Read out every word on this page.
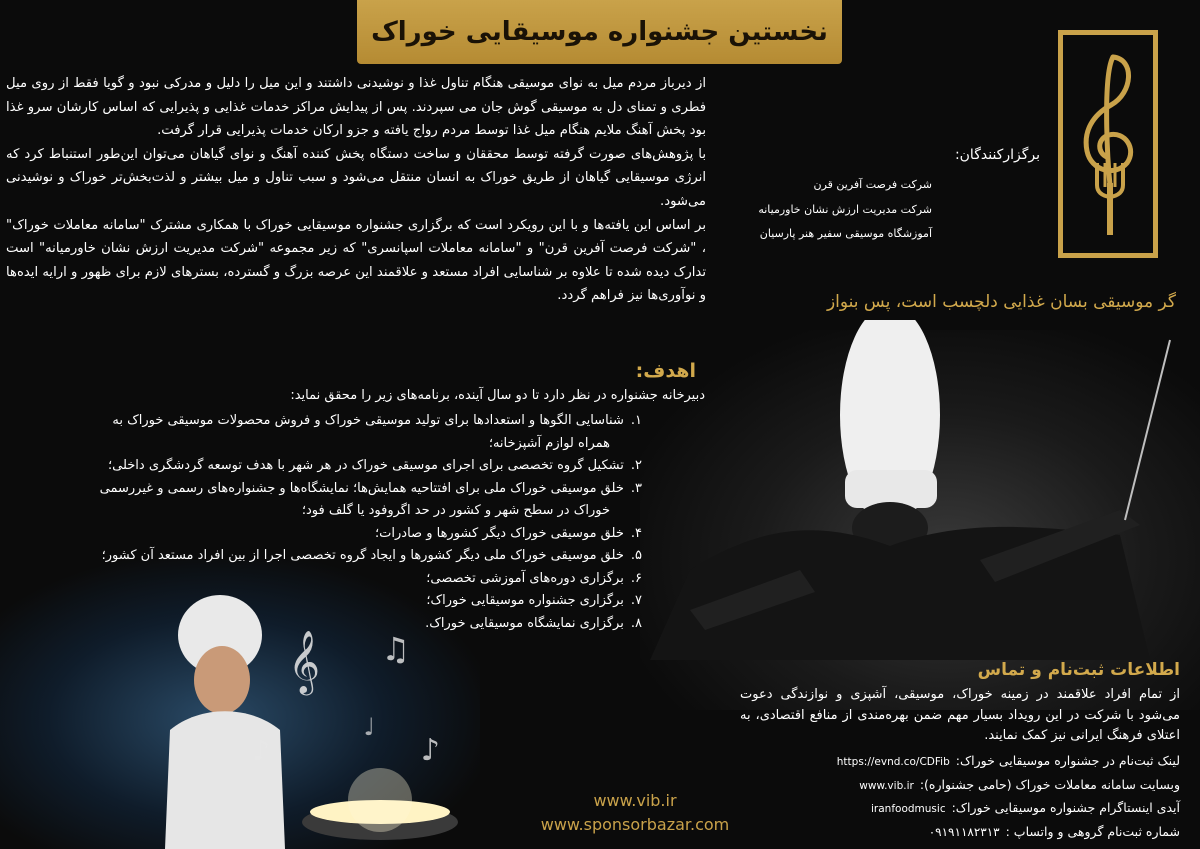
نخستین جشنواره موسیقایی خوراک

از دیرباز مردم میل به نوای موسیقی هنگام تناول غذا و نوشیدنی داشتند و این میل را دلیل و مدرکی نبود و گویا فقط از روی میل فطری و تمنای دل به موسیقی گوش جان می سپردند. پس از پیدایش مراکز خدمات غذایی و پذیرایی که اساس کارشان سرو غذا بود پخش آهنگ ملایم هنگام میل غذا توسط مردم رواج یافته و جزو ارکان خدمات پذیرایی قرار گرفت.

با پژوهش‌های صورت گرفته توسط محققان و ساخت دستگاه پخش کننده آهنگ و نوای گیاهان می‌توان این‌طور استنباط کرد که انرژی موسیقایی گیاهان از طریق خوراک به انسان منتقل می‌شود و سبب تناول و میل بیشتر و لذت‌بخش‌تر خوراک و نوشیدنی می‌شود.

بر اساس این یافته‌ها و با این رویکرد است که برگزاری جشنواره موسیقایی خوراک با همکاری مشترک "سامانه معاملات خوراک" ، "شرکت فرصت آفرین قرن" و "سامانه معاملات اسپانسری" که زیر مجموعه "شرکت مدیریت ارزش نشان خاورمیانه" است تدارک دیده شده تا علاوه بر شناسایی افراد مستعد و علاقمند این عرصه بزرگ و گسترده، بسترهای لازم برای ظهور و ارایه ایده‌ها و نوآوری‌ها نیز فراهم گردد.

اهدف:
دبیرخانه جشنواره در نظر دارد تا دو سال آینده، برنامه‌های زیر را محقق نماید:
۱. شناسایی الگوها و استعدادها برای تولید موسیقی خوراک و فروش محصولات موسیقی خوراک به
همراه لوازم آشپزخانه؛
۲. تشکیل گروه تخصصی برای اجرای موسیقی خوراک در هر شهر با هدف توسعه گردشگری داخلی؛
۳. خلق موسیقی خوراک ملی برای افتتاحیه همایش‌ها؛ نمایشگاه‌ها و جشنواره‌های رسمی و غیررسمی
خوراک در سطح شهر و کشور در حد اگروفود یا گلف فود؛
۴. خلق موسیقی خوراک دیگر کشورها و صادرات؛
۵. خلق موسیقی خوراک ملی دیگر کشورها و ایجاد گروه تخصصی اجرا از بین افراد مستعد آن کشور؛
۶. برگزاری دوره‌های آموزشی تخصصی؛
۷. برگزاری جشنواره موسیقایی خوراک؛
۸. برگزاری نمایشگاه موسیقایی خوراک.
برگزارکنندگان:
شرکت فرصت آفرین قرن
شرکت مدیریت ارزش نشان خاورمیانه
آموزشگاه موسیقی سفیر هنر پارسیان
گر موسیقی بسان غذایی دلچسب است، پس بنواز
𝄞
♪
♫
♪
♩
اطلاعات ثبت‌نام و تماس

از تمام افراد علاقمند در زمینه خوراک، موسیقی، آشپزی و نوازندگی دعوت می‌شود با شرکت در این رویداد بسیار مهم ضمن بهره‌مندی از منافع اقتصادی، به اعتلای فرهنگ ایرانی نیز کمک نمایند.

لینک ثبت‌نام در جشنواره موسیقایی خوراک:
https://evnd.co/CDFib
وبسایت سامانه معاملات خوراک (حامی جشنواره):
www.vib.ir
آیدی اینستاگرام جشنواره موسیقایی خوراک:
iranfoodmusic
شماره ثبت‌نام گروهی و واتساپ :
۰۹۱۹۱۱۸۲۳۱۳
www.vib.ir
www.sponsorbazar.com
